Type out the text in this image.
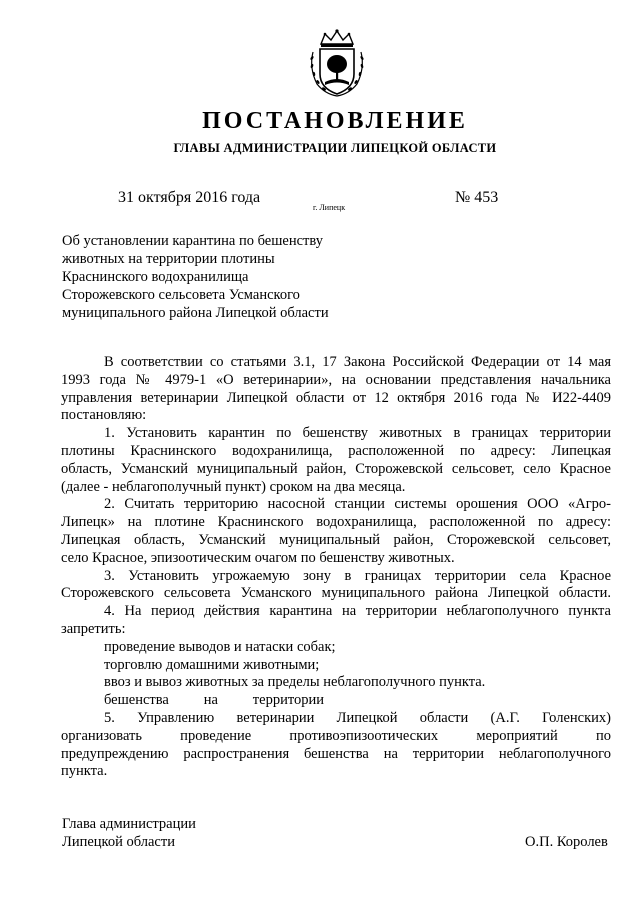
ПОСТАНОВЛЕНИЕ
ГЛАВЫ АДМИНИСТРАЦИИ ЛИПЕЦКОЙ ОБЛАСТИ
31 октября 2016 года
г. Липецк
№ 453
Об установлении карантина по бешенству
животных на территории плотины
Краснинского водохранилища
Сторожевского сельсовета Усманского
муниципального района Липецкой области
В соответствии со статьями 3.1, 17 Закона Российской Федерации от 14 мая
1993 года № 4979-1 «О ветеринарии», на основании представления начальника
управления ветеринарии Липецкой области от 12 октября 2016 года № И22-4409
постановляю:
1. Установить карантин по бешенству животных в границах территории
плотины Краснинского водохранилища, расположенной по адресу: Липецкая
область, Усманский муниципальный район, Сторожевской сельсовет, село Красное
(далее - неблагополучный пункт) сроком на два месяца.
2. Считать территорию насосной станции системы орошения ООО «Агро-
Липецк» на плотине Краснинского водохранилища, расположенной по адресу:
Липецкая область, Усманский муниципальный район, Сторожевской сельсовет,
село Красное, эпизоотическим очагом по бешенству животных.
3. Установить угрожаемую зону в границах территории села Красное
Сторожевского сельсовета Усманского муниципального района Липецкой области.
4. На период действия карантина на территории неблагополучного пункта
запретить:
проведение выводов и натаски собак;
торговлю домашними животными;
ввоз и вывоз животных за пределы неблагополучного пункта.
бешенства на территории
5. Управлению ветеринарии Липецкой области (А.Г. Голенских)
организовать проведение противоэпизоотических мероприятий по
предупреждению распространения бешенства на территории неблагополучного
пункта.
Глава администрации
Липецкой области	О.П. Королев
